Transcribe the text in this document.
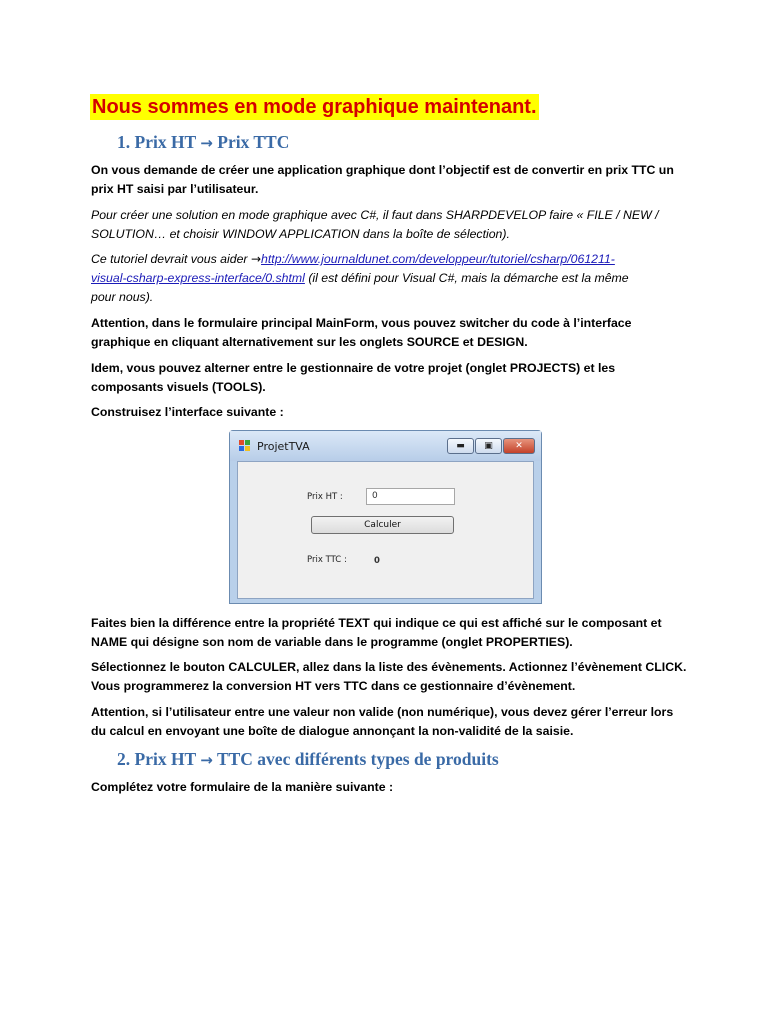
Nous sommes en mode graphique maintenant.
1. Prix HT → Prix TTC
On vous demande de créer une application graphique dont l’objectif est de convertir en prix TTC un
prix HT saisi par l’utilisateur.
Pour créer une solution en mode graphique avec C#, il faut dans SHARPDEVELOP faire « FILE / NEW /
SOLUTION… et choisir WINDOW APPLICATION dans la boîte de sélection).
Ce tutoriel devrait vous aider →http://www.journaldunet.com/developpeur/tutoriel/csharp/061211-
visual-csharp-express-interface/0.shtml (il est défini pour Visual C#, mais la démarche est la même
pour nous).
Attention, dans le formulaire principal MainForm, vous pouvez switcher du code à l’interface
graphique en cliquant alternativement sur les onglets SOURCE et DESIGN.
Idem, vous pouvez alterner entre le gestionnaire de votre projet (onglet PROJECTS) et les
composants visuels (TOOLS).
Construisez l’interface suivante :
ProjetTVA	▬	▣	✕
Prix HT :	0
Calculer
Prix TTC :	0
Faites bien la différence entre la propriété TEXT qui indique ce qui est affiché sur le composant et
NAME qui désigne son nom de variable dans le programme (onglet PROPERTIES).
Sélectionnez le bouton CALCULER, allez dans la liste des évènements. Actionnez l’évènement CLICK.
Vous programmerez la conversion HT vers TTC dans ce gestionnaire d’évènement.
Attention, si l’utilisateur entre une valeur non valide (non numérique), vous devez gérer l’erreur lors
du calcul en envoyant une boîte de dialogue annonçant la non-validité de la saisie.
2. Prix HT → TTC avec différents types de produits
Complétez votre formulaire de la manière suivante :
